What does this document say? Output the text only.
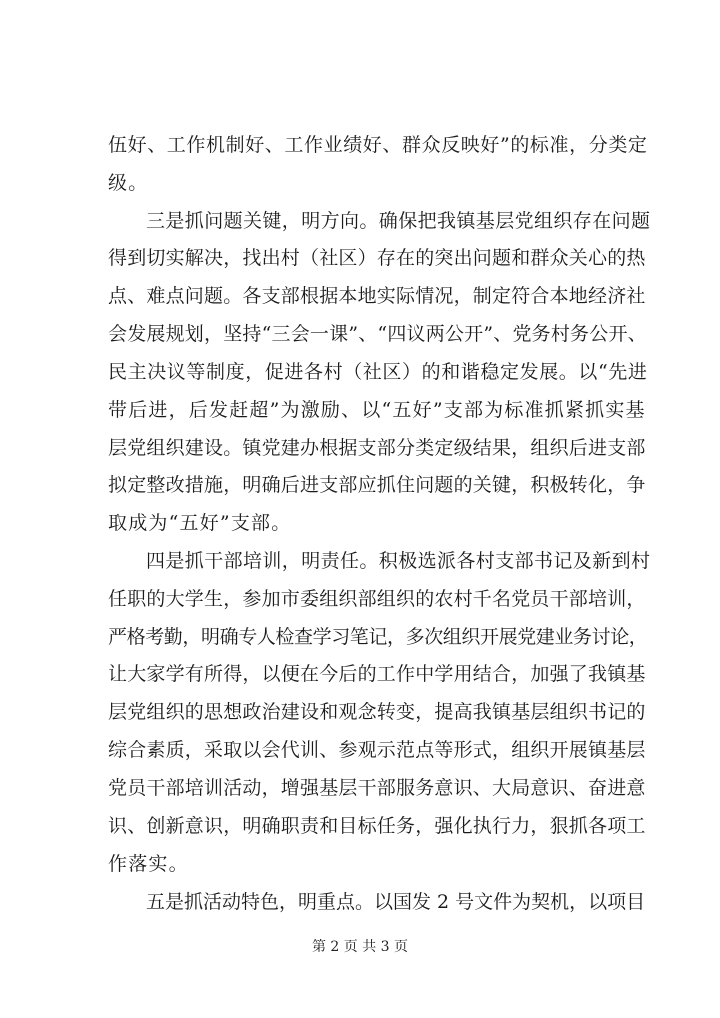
伍好、工作机制好、工作业绩好、群众反映好”的标准，分类定
级。
三是抓问题关键，明方向。确保把我镇基层党组织存在问题
得到切实解决，找出村（社区）存在的突出问题和群众关心的热
点、难点问题。各支部根据本地实际情况，制定符合本地经济社
会发展规划，坚持“三会一课”、“四议两公开”、党务村务公开、
民主决议等制度，促进各村（社区）的和谐稳定发展。以“先进
带后进，后发赶超”为激励、以“五好”支部为标准抓紧抓实基
层党组织建设。镇党建办根据支部分类定级结果，组织后进支部
拟定整改措施，明确后进支部应抓住问题的关键，积极转化，争
取成为“五好”支部。
四是抓干部培训，明责任。积极选派各村支部书记及新到村
任职的大学生，参加市委组织部组织的农村千名党员干部培训，
严格考勤，明确专人检查学习笔记，多次组织开展党建业务讨论，
让大家学有所得，以便在今后的工作中学用结合，加强了我镇基
层党组织的思想政治建设和观念转变，提高我镇基层组织书记的
综合素质，采取以会代训、参观示范点等形式，组织开展镇基层
党员干部培训活动，增强基层干部服务意识、大局意识、奋进意
识、创新意识，明确职责和目标任务，强化执行力，狠抓各项工
作落实。
五是抓活动特色，明重点。以国发 2 号文件为契机，以项目
第 2 页 共 3 页
